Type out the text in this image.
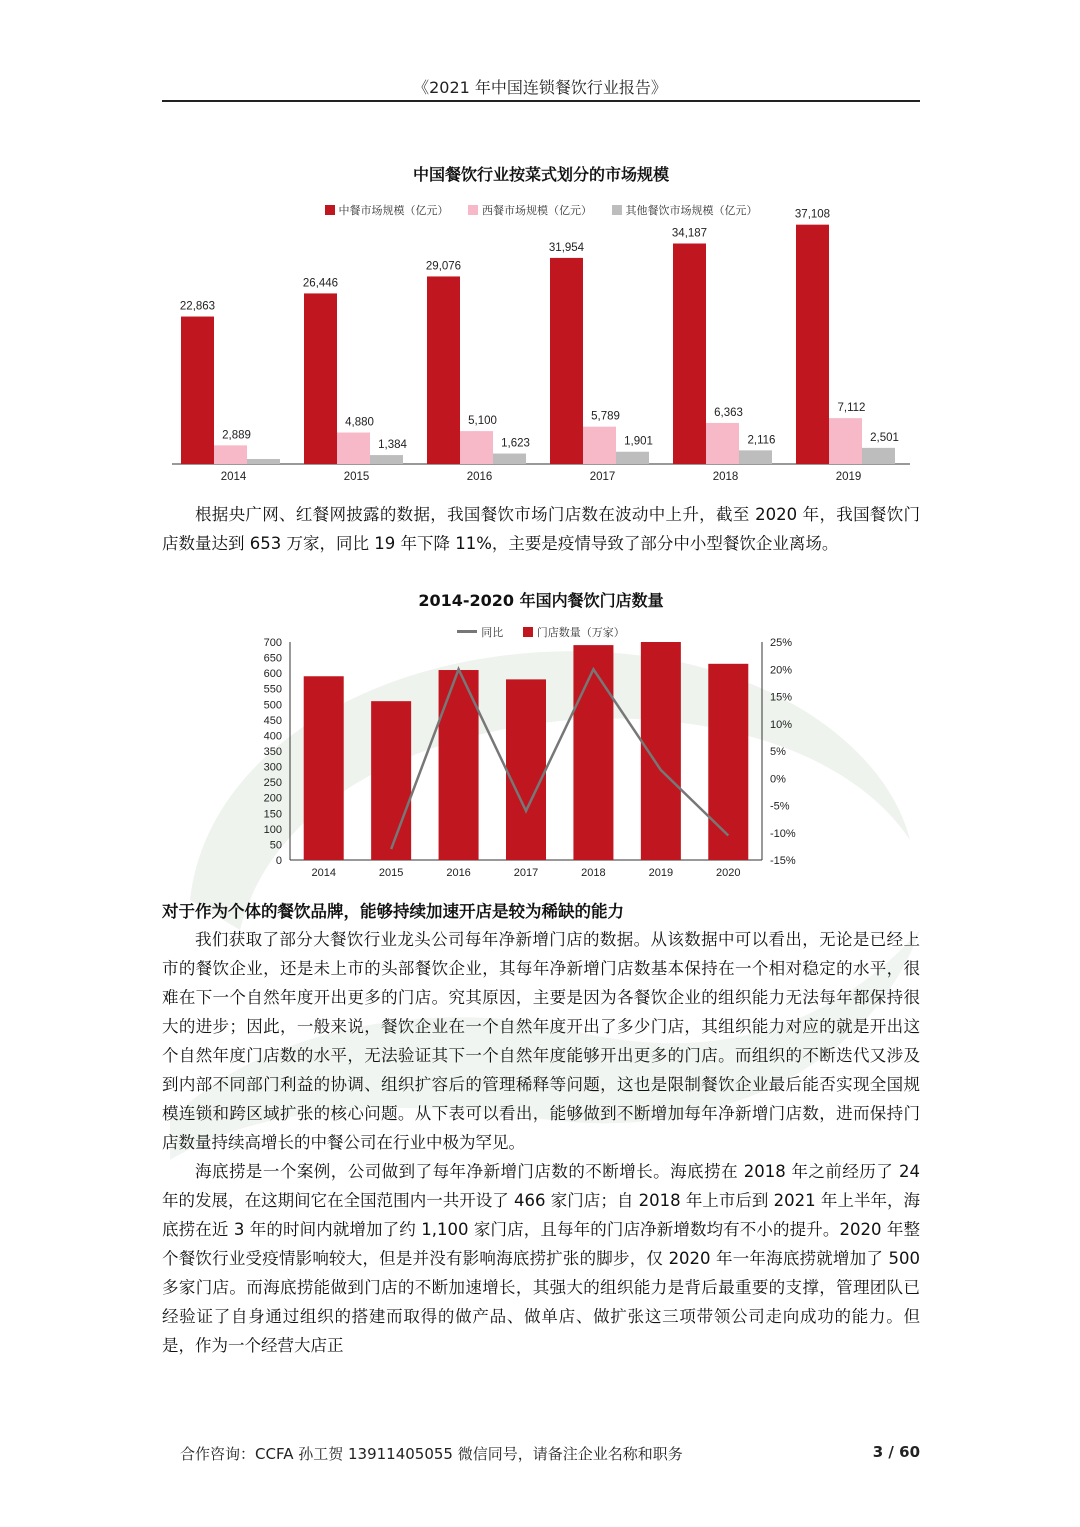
《2021 年中国连锁餐饮行业报告》
中国餐饮行业按菜式划分的市场规模
中餐市场规模（亿元）	西餐市场规模（亿元）	其他餐饮市场规模（亿元）
22,863
2,889
2014
26,446
4,880
1,384
2015
29,076
5,100
1,623
2016
31,954
5,789
1,901
2017
34,187
6,363
2,116
2018
37,108
7,112
2,501
2019

根据央广网、红餐网披露的数据，我国餐饮市场门店数在波动中上升，截至 2020 年，我国餐饮门店数量达到 653 万家，同比 19 年下降 11%，主要是疫情导致了部分中小型餐饮企业离场。

2014-2020 年国内餐饮门店数量
同比	门店数量（万家）
0
50
100
150
200
250
300
350
400
450
500
550
600
650
700
-15%
-10%
-5%
0%
5%
10%
15%
20%
25%
2014	2015	2016	2017	2018	2019	2020
对于作为个体的餐饮品牌，能够持续加速开店是较为稀缺的能力

我们获取了部分大餐饮行业龙头公司每年净新增门店的数据。从该数据中可以看出，无论是已经上市的餐饮企业，还是未上市的头部餐饮企业，其每年净新增门店数基本保持在一个相对稳定的水平，很难在下一个自然年度开出更多的门店。究其原因，主要是因为各餐饮企业的组织能力无法每年都保持很大的进步；因此，一般来说，餐饮企业在一个自然年度开出了多少门店，其组织能力对应的就是开出这个自然年度门店数的水平，无法验证其下一个自然年度能够开出更多的门店。而组织的不断迭代又涉及到内部不同部门利益的协调、组织扩容后的管理稀释等问题，这也是限制餐饮企业最后能否实现全国规模连锁和跨区域扩张的核心问题。从下表可以看出，能够做到不断增加每年净新增门店数，进而保持门店数量持续高增长的中餐公司在行业中极为罕见。

海底捞是一个案例，公司做到了每年净新增门店数的不断增长。海底捞在 2018 年之前经历了 24 年的发展，在这期间它在全国范围内一共开设了 466 家门店；自 2018 年上市后到 2021 年上半年，海底捞在近 3 年的时间内就增加了约 1,100 家门店，且每年的门店净新增数均有不小的提升。2020 年整个餐饮行业受疫情影响较大，但是并没有影响海底捞扩张的脚步，仅 2020 年一年海底捞就增加了 500 多家门店。而海底捞能做到门店的不断加速增长，其强大的组织能力是背后最重要的支撑，管理团队已经验证了自身通过组织的搭建而取得的做产品、做单店、做扩张这三项带领公司走向成功的能力。但是，作为一个经营大店正

合作咨询：CCFA 孙工贺 13911405055 微信同号，请备注企业名称和职务	3 / 60
